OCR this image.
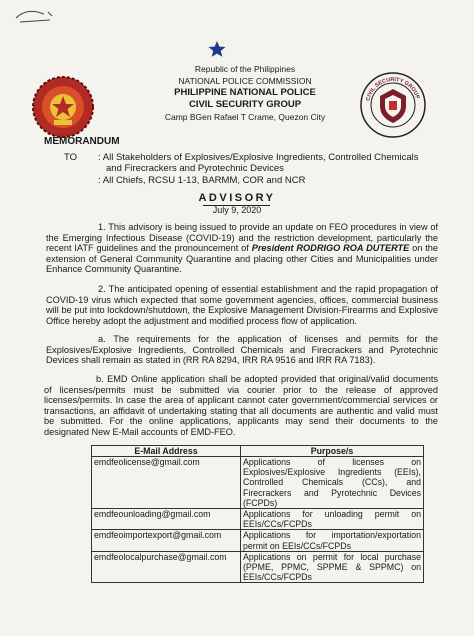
CIVIL SECURITY GROUP
Republic of the Philippines
NATIONAL POLICE COMMISSION
PHILIPPINE NATIONAL POLICE
CIVIL SECURITY GROUP
Camp BGen Rafael T Crame, Quezon City
MEMORANDUM
TO : All Stakeholders of Explosives/Explosive Ingredients, Controlled Chemicals
and Firecrackers and Pyrotechnic Devices
: All Chiefs, RCSU 1-13, BARMM, COR and NCR
ADVISORY
July 9, 2020
1. This advisory is being issued to provide an update on FEO procedures in view of the Emerging Infectious Disease (COVID-19) and the restriction development, particularly the recent IATF guidelines and the pronouncement of President RODRIGO ROA DUTERTE on the extension of General Community Quarantine and placing other Cities and Municipalities under Enhance Community Quarantine.
2. The anticipated opening of essential establishment and the rapid propagation of COVID-19 virus which expected that some government agencies, offices, commercial business will be put into lockdown/shutdown, the Explosive Management Division-Firearms and Explosive Office hereby adopt the adjustment and modified process flow of application.
a. The requirements for the application of licenses and permits for the Explosives/Explosive Ingredients, Controlled Chemicals and Firecrackers and Pyrotechnic Devices shall remain as stated in (RR RA 8294, IRR RA 9516 and IRR RA 7183).
b. EMD Online application shall be adopted provided that original/valid documents of licenses/permits must be submitted via courier prior to the release of approved licenses/permits. In case the area of applicant cannot cater government/commercial services or transactions, an affidavit of undertaking stating that all documents are authentic and valid must be submitted. For the online applications, applicants may send their documents to the designated New E-Mail accounts of EMD-FEO.
E-Mail Address	Purpose/s
emdfeolicense@gmail.com	Applications of licenses on Explosives/Explosive Ingredients (EEIs), Controlled Chemicals (CCs), and Firecrackers and Pyrotechnic Devices (FCPDs)
emdfeounloading@gmail.com	Applications for unloading permit on EEIs/CCs/FCPDs
emdfeoimportexport@gmail.com	Applications for importation/exportation permit on EEIs/CCs/FCPDs
emdfeolocalpurchase@gmail.com	Applications on permit for local purchase (PPME, PPMC, SPPME & SPPMC) on EEIs/CCs/FCPDs
